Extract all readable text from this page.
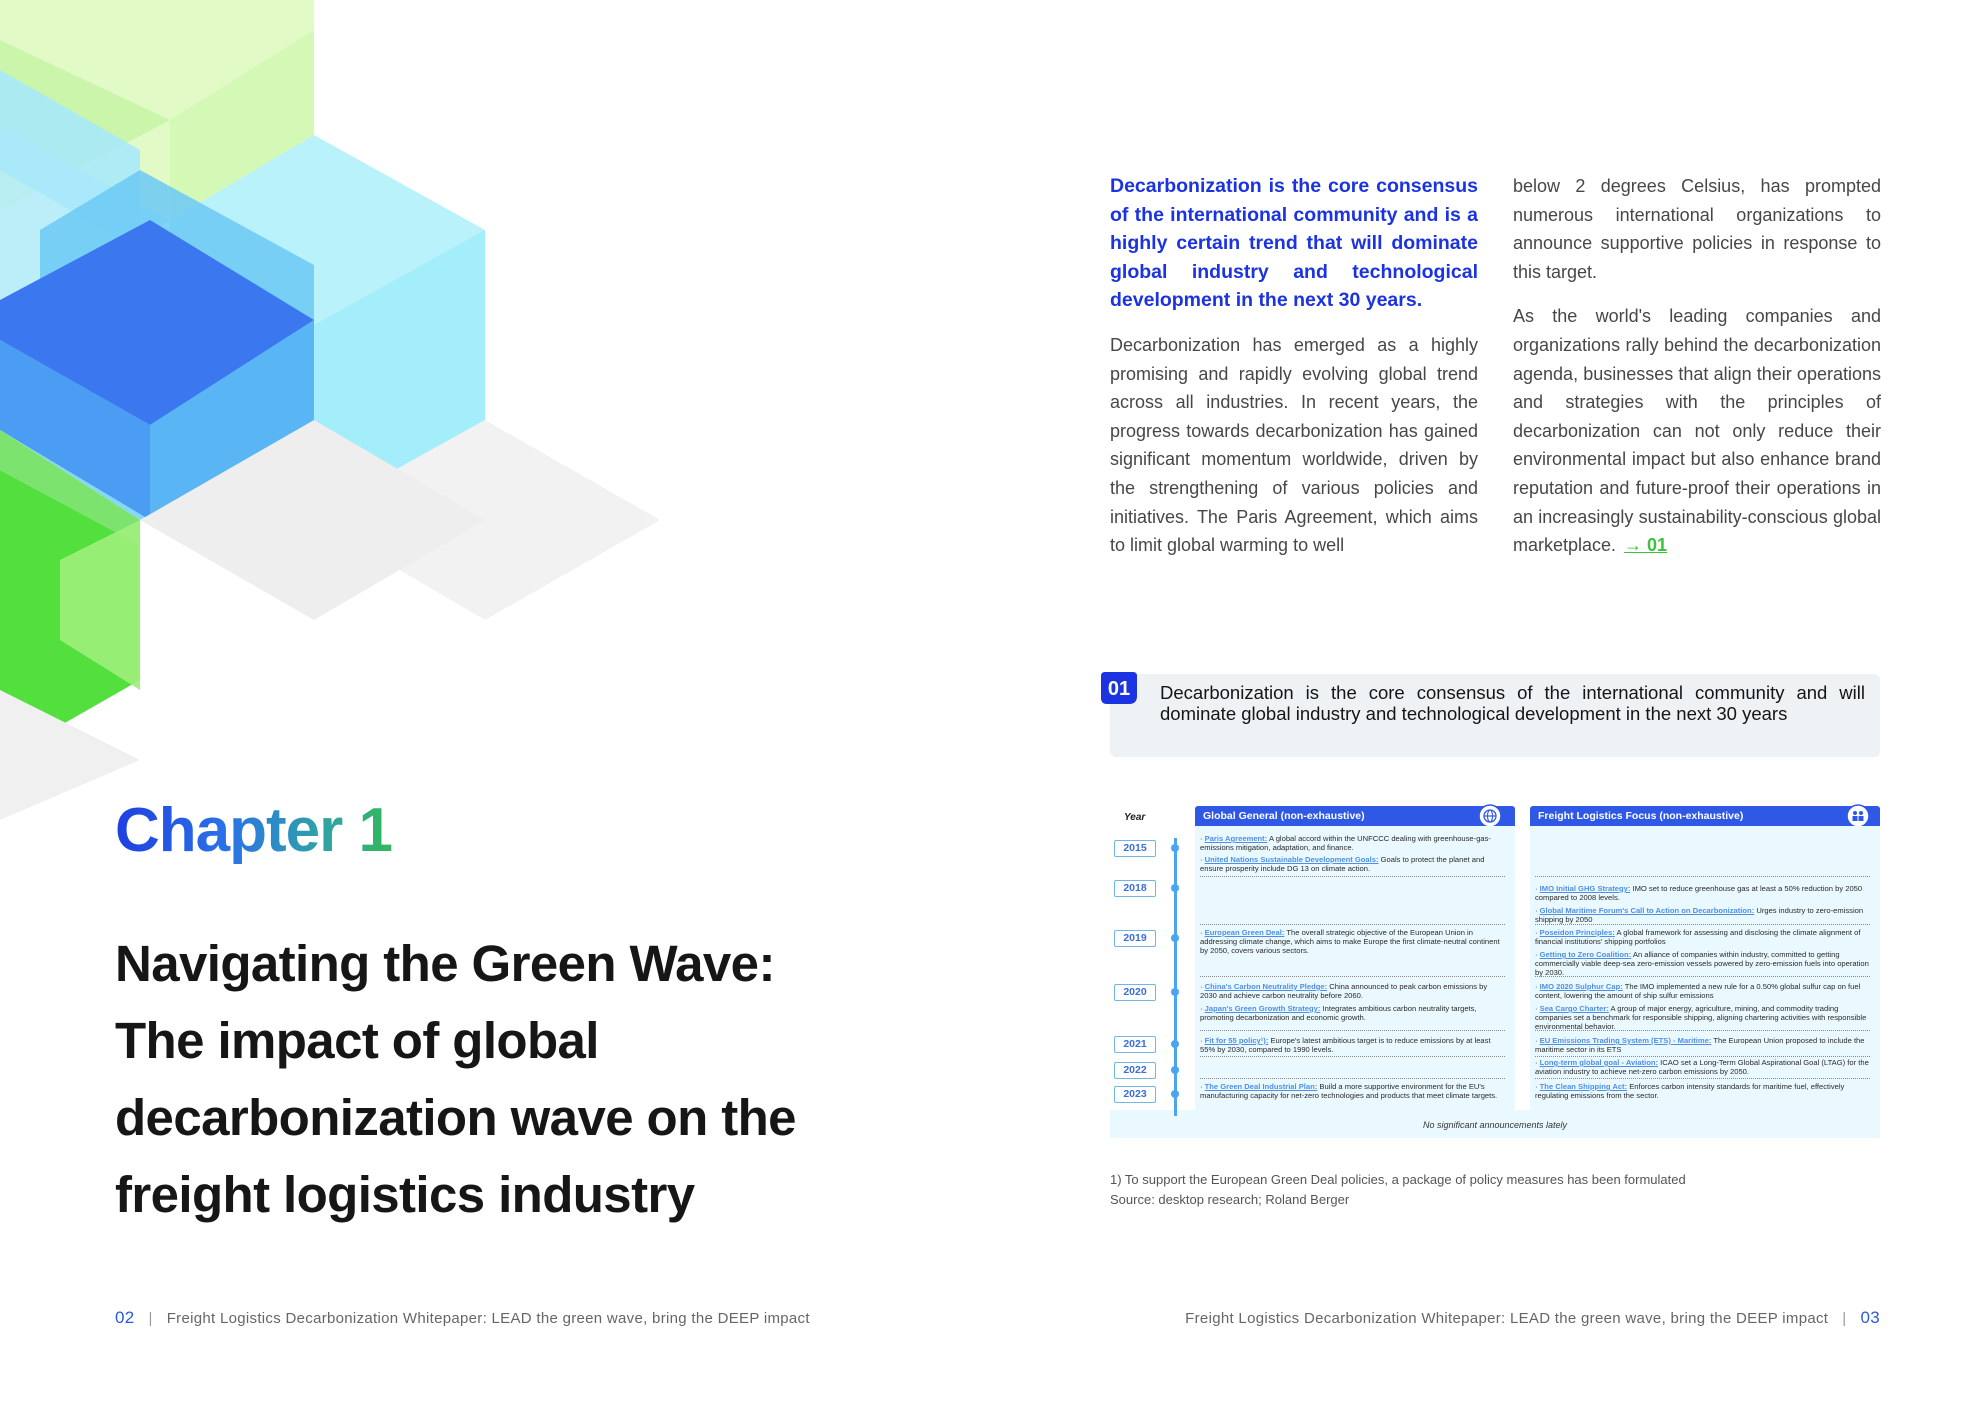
Chapter 1
Navigating the Green Wave:
The impact of global
decarbonization wave on the
freight logistics industry
02 | Freight Logistics Decarbonization Whitepaper: LEAD the green wave, bring the DEEP impact

Decarbonization is the core consensus of the international community and is a highly certain trend that will dominate global industry and technological development in the next 30 years.

Decarbonization has emerged as a highly promising and rapidly evolving global trend across all industries. In recent years, the progress towards decarbonization has gained significant momentum worldwide, driven by the strengthening of various policies and initiatives. The Paris Agreement, which aims to limit global warming to well

below 2 degrees Celsius, has prompted numerous international organizations to announce supportive policies in response to this target.

As the world's leading companies and organizations rally behind the decarbonization agenda, businesses that align their operations and strategies with the principles of decarbonization can not only reduce their environmental impact but also enhance brand reputation and future-proof their operations in an increasingly sustainability-conscious global marketplace. → 01

01 Decarbonization is the core consensus of the international community and will dominate global industry and technological development in the next 30 years
Year	Global General (non-exhaustive)	Freight Logistics Focus (non-exhaustive)
2015
2018
2019
2020
2021
2022
2023
· Paris Agreement: A global accord within the UNFCCC dealing with greenhouse-gas-emissions mitigation, adaptation, and finance.
· United Nations Sustainable Development Goals: Goals to protect the planet and ensure prosperity include DG 13 on climate action.
· European Green Deal: The overall strategic objective of the European Union in addressing climate change, which aims to make Europe the first climate-neutral continent by 2050, covers various sectors.
· China's Carbon Neutrality Pledge: China announced to peak carbon emissions by 2030 and achieve carbon neutrality before 2060.
· Japan's Green Growth Strategy: Integrates ambitious carbon neutrality targets, promoting decarbonization and economic growth.
· Fit for 55 policy¹): Europe's latest ambitious target is to reduce emissions by at least 55% by 2030, compared to 1990 levels.
· The Green Deal Industrial Plan: Build a more supportive environment for the EU's manufacturing capacity for net-zero technologies and products that meet climate targets.
· IMO Initial GHG Strategy: IMO set to reduce greenhouse gas at least a 50% reduction by 2050 compared to 2008 levels.
· Global Maritime Forum's Call to Action on Decarbonization: Urges industry to zero-emission shipping by 2050
· Poseidon Principles: A global framework for assessing and disclosing the climate alignment of financial institutions' shipping portfolios
· Getting to Zero Coalition: An alliance of companies within industry, committed to getting commercially viable deep-sea zero-emission vessels powered by zero-emission fuels into operation by 2030.
· IMO 2020 Sulphur Cap: The IMO implemented a new rule for a 0.50% global sulfur cap on fuel content, lowering the amount of ship sulfur emissions
· Sea Cargo Charter: A group of major energy, agriculture, mining, and commodity trading companies set a benchmark for responsible shipping, aligning chartering activities with responsible environmental behavior.
· EU Emissions Trading System (ETS) - Maritime: The European Union proposed to include the maritime sector in its ETS
· Long-term global goal - Aviation: ICAO set a Long-Term Global Aspirational Goal (LTAG) for the aviation industry to achieve net-zero carbon emissions by 2050.
· The Clean Shipping Act: Enforces carbon intensity standards for maritime fuel, effectively regulating emissions from the sector.
No significant announcements lately
1) To support the European Green Deal policies, a package of policy measures has been formulated
Source: desktop research; Roland Berger
Freight Logistics Decarbonization Whitepaper: LEAD the green wave, bring the DEEP impact | 03
